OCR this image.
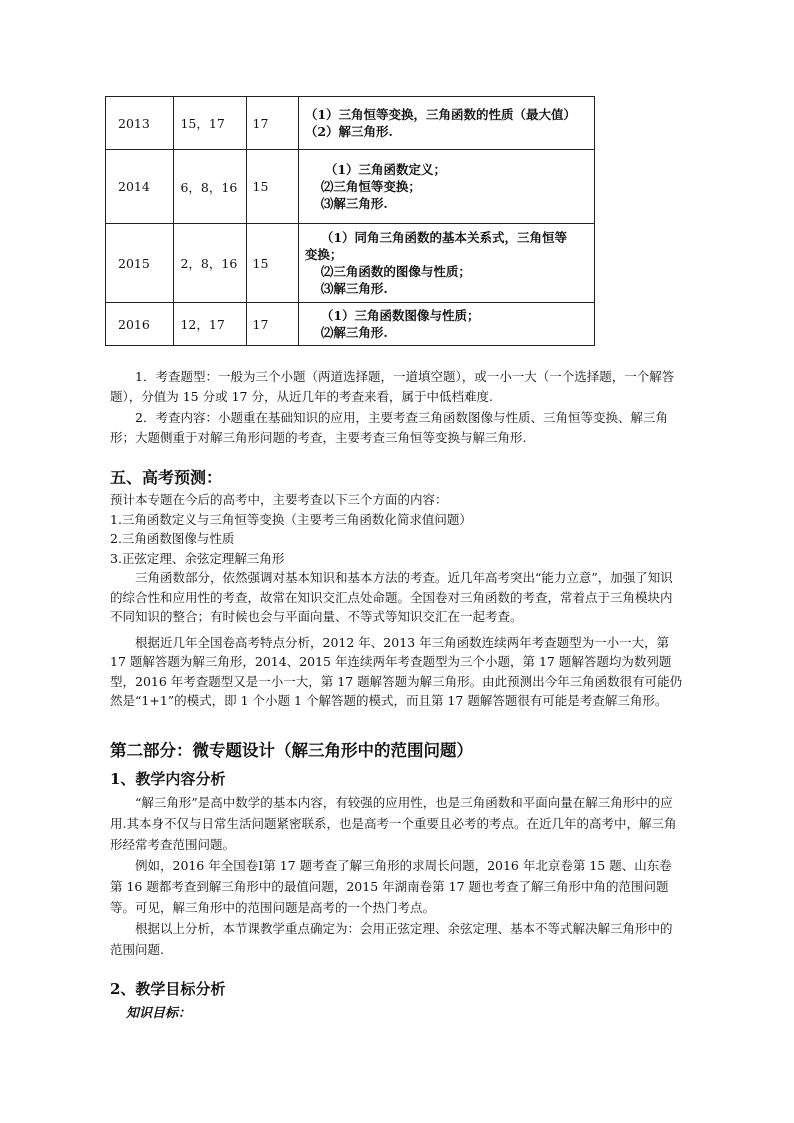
2013	15，17	17	（1）三角恒等变换，三角函数的性质（最大值）
（2）解三角形.

2014	6，8，16	15	（1）三角函数定义；
⑵三角恒等变换；
⑶解三角形.

2015	2，8，16	15	（1）同角三角函数的基本关系式，三角恒等
变换；
⑵三角函数的图像与性质；
⑶解三角形.

2016	12，17	17	（1）三角函数图像与性质；
⑵解三角形.
1．考查题型：一般为三个小题（两道选择题，一道填空题），或一小一大（一个选择题，一个解答题），分值为 15 分或 17 分，从近几年的考查来看，属于中低档难度.
2．考查内容：小题重在基础知识的应用，主要考查三角函数图像与性质、三角恒等变换、解三角形；大题侧重于对解三角形问题的考查，主要考查三角恒等变换与解三角形.
五、高考预测：

预计本专题在今后的高考中，主要考查以下三个方面的内容：

1.三角函数定义与三角恒等变换（主要考三角函数化简求值问题）

2.三角函数图像与性质

3.正弦定理、余弦定理解三角形

三角函数部分，依然强调对基本知识和基本方法的考查。近几年高考突出“能力立意”，加强了知识的综合性和应用性的考查，故常在知识交汇点处命题。全国卷对三角函数的考查，常着点于三角模块内不同知识的整合；有时候也会与平面向量、不等式等知识交汇在一起考查。

根据近几年全国卷高考特点分析，2012 年、2013 年三角函数连续两年考查题型为一小一大，第 17 题解答题为解三角形，2014、2015 年连续两年考查题型为三个小题，第 17 题解答题均为数列题型，2016 年考查题型又是一小一大，第 17 题解答题为解三角形。由此预测出今年三角函数很有可能仍然是“1+1”的模式，即 1 个小题 1 个解答题的模式，而且第 17 题解答题很有可能是考查解三角形。

第二部分：微专题设计（解三角形中的范围问题）
1、教学内容分析

“解三角形”是高中数学的基本内容，有较强的应用性，也是三角函数和平面向量在解三角形中的应用.其本身不仅与日常生活问题紧密联系，也是高考一个重要且必考的考点。在近几年的高考中，解三角形经常考查范围问题。

例如，2016 年全国卷Ⅰ第 17 题考查了解三角形的求周长问题，2016 年北京卷第 15 题、山东卷第 16 题都考查到解三角形中的最值问题，2015 年湖南卷第 17 题也考查了解三角形中角的范围问题等。可见，解三角形中的范围问题是高考的一个热门考点。

根据以上分析，本节课教学重点确定为：会用正弦定理、余弦定理、基本不等式解决解三角形中的范围问题.

2、教学目标分析
知识目标：
